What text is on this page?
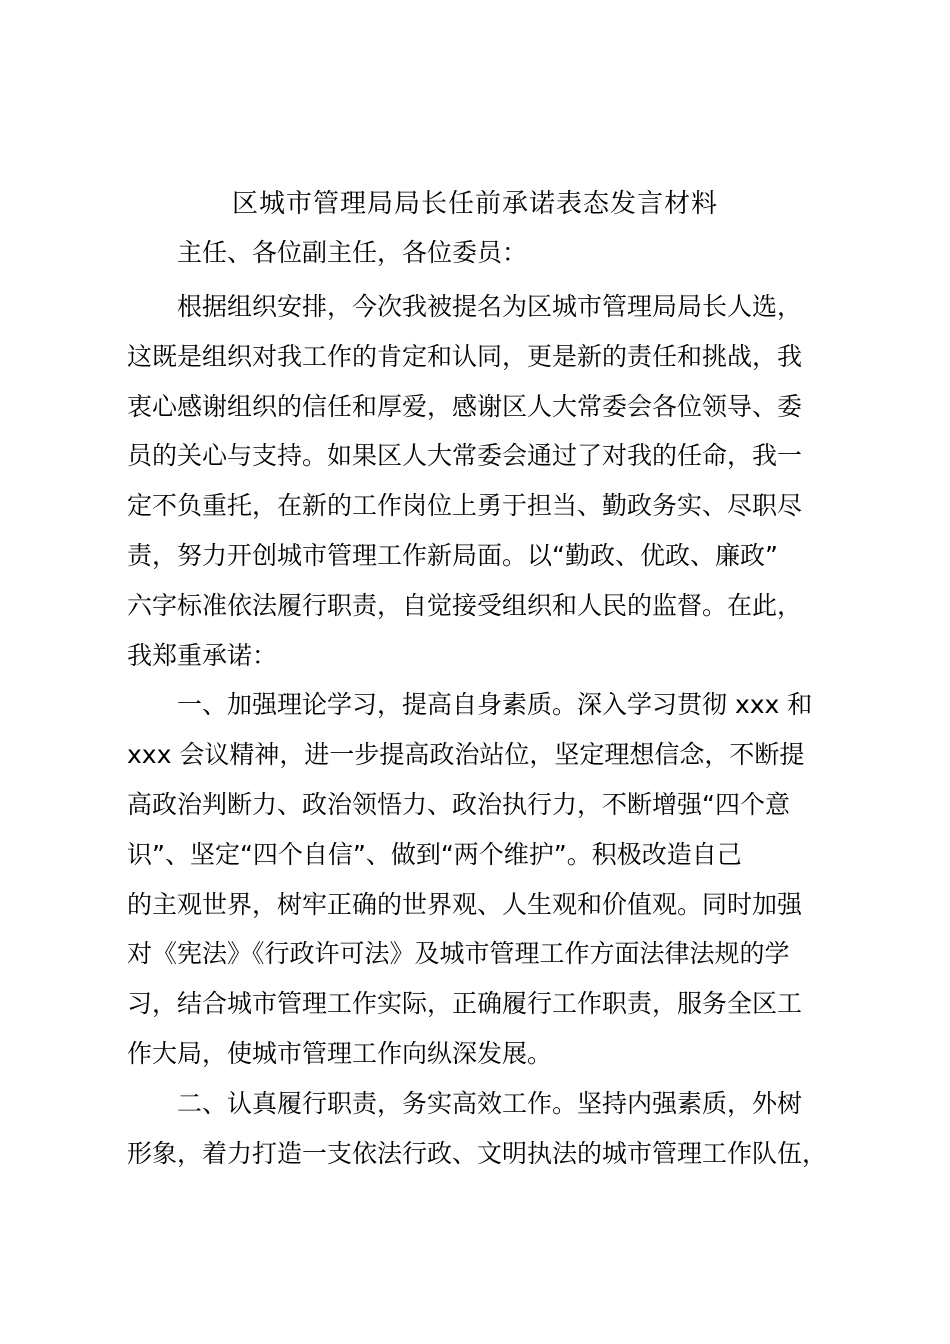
区城市管理局局长任前承诺表态发言材料
主任、各位副主任，各位委员：
根据组织安排，今次我被提名为区城市管理局局长人选，
这既是组织对我工作的肯定和认同，更是新的责任和挑战，我
衷心感谢组织的信任和厚爱，感谢区人大常委会各位领导、委
员的关心与支持。如果区人大常委会通过了对我的任命，我一
定不负重托，在新的工作岗位上勇于担当、勤政务实、尽职尽
责，努力开创城市管理工作新局面。以“勤政、优政、廉政”
六字标准依法履行职责，自觉接受组织和人民的监督。在此，
我郑重承诺：
一、加强理论学习，提高自身素质。深入学习贯彻 xxx 和
xxx 会议精神，进一步提高政治站位，坚定理想信念，不断提
高政治判断力、政治领悟力、政治执行力，不断增强“四个意
识”、坚定“四个自信”、做到“两个维护”。积极改造自己
的主观世界，树牢正确的世界观、人生观和价值观。同时加强
对《宪法》《行政许可法》及城市管理工作方面法律法规的学
习，结合城市管理工作实际，正确履行工作职责，服务全区工
作大局，使城市管理工作向纵深发展。
二、认真履行职责，务实高效工作。坚持内强素质，外树
形象，着力打造一支依法行政、文明执法的城市管理工作队伍，
